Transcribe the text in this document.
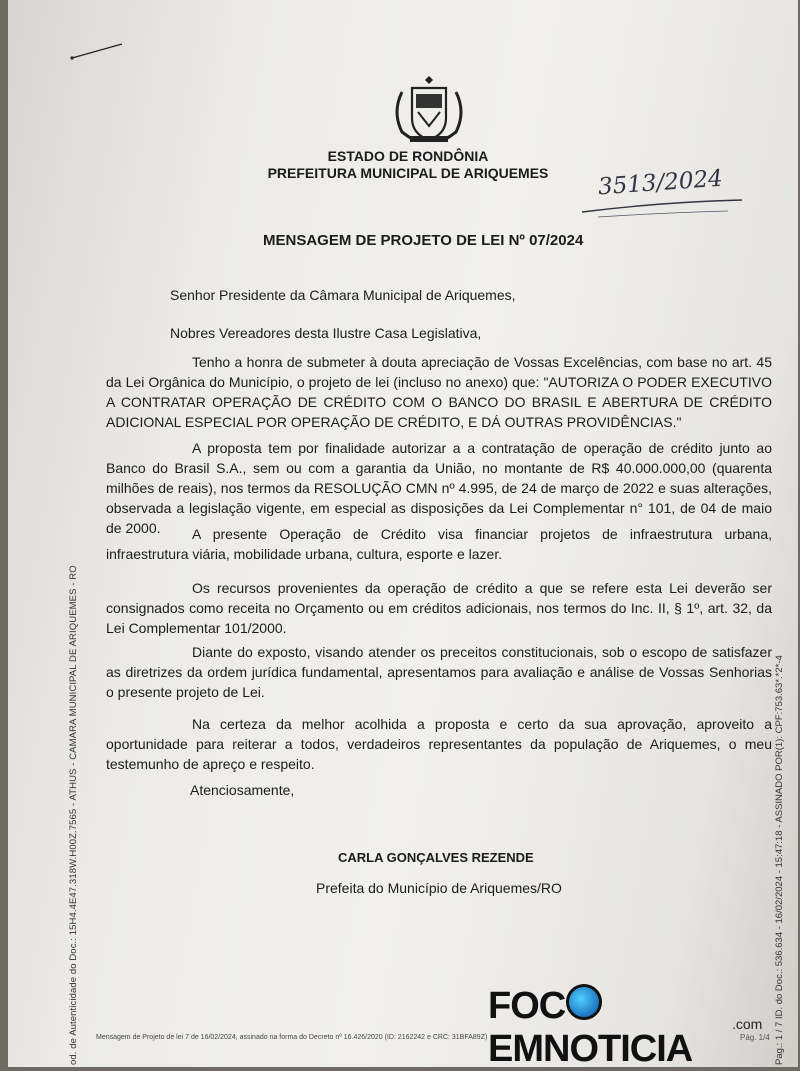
ESTADO DE RONDÔNIA
PREFEITURA MUNICIPAL DE ARIQUEMES	3513/2024
MENSAGEM DE PROJETO DE LEI Nº 07/2024
Senhor Presidente da Câmara Municipal de Ariquemes,
Nobres Vereadores desta Ilustre Casa Legislativa,
Tenho a honra de submeter à douta apreciação de Vossas Excelências, com base no art. 45 da Lei Orgânica do Município, o projeto de lei (incluso no anexo) que: "AUTORIZA O PODER EXECUTIVO A CONTRATAR OPERAÇÃO DE CRÉDITO COM O BANCO DO BRASIL E ABERTURA DE CRÉDITO ADICIONAL ESPECIAL POR OPERAÇÃO DE CRÉDITO, E DÁ OUTRAS PROVIDÊNCIAS."
A proposta tem por finalidade autorizar a a contratação de operação de crédito junto ao Banco do Brasil S.A., sem ou com a garantia da União, no montante de R$ 40.000.000,00 (quarenta milhões de reais), nos termos da RESOLUÇÃO CMN nº 4.995, de 24 de março de 2022 e suas alterações, observada a legislação vigente, em especial as disposições da Lei Complementar n° 101, de 04 de maio de 2000.	A presente Operação de Crédito visa financiar projetos de infraestrutura urbana, infraestrutura viária, mobilidade urbana, cultura, esporte e lazer.
Os recursos provenientes da operação de crédito a que se refere esta Lei deverão ser consignados como receita no Orçamento ou em créditos adicionais, nos termos do Inc. II, § 1º, art. 32, da Lei Complementar 101/2000.
Diante do exposto, visando atender os preceitos constitucionais, sob o escopo de satisfazer as diretrizes da ordem jurídica fundamental, apresentamos para avaliação e análise de Vossas Senhorias o presente projeto de Lei.
Na certeza da melhor acolhida a proposta e certo da sua aprovação, aproveito a oportunidade para reiterar a todos, verdadeiros representantes da população de Ariquemes, o meu testemunho de apreço e respeito.
Atenciosamente,
CARLA GONÇALVES REZENDE
Prefeita do Município de Ariquemes/RO
Mensagem de Projeto de lei 7 de 16/02/2024, assinado na forma do Decreto nº 16.426/2020 (ID: 2162242 e CRC: 31BFA89Z)	Pág. 1/4
od. de Autenticidade do Doc.: 15H4.4E47.318W.H00Z.7565 - ATHUS - CAMARA MUNICIPAL DE ARIQUEMES - RO	Pag.: 1 / 7 ID. do Doc.: 536.634 - 16/02/2024 - 15:47:18 - ASSINADO POR(1): CPF:753.63*.*2*-4
FOCEMNOTICIA
.com
